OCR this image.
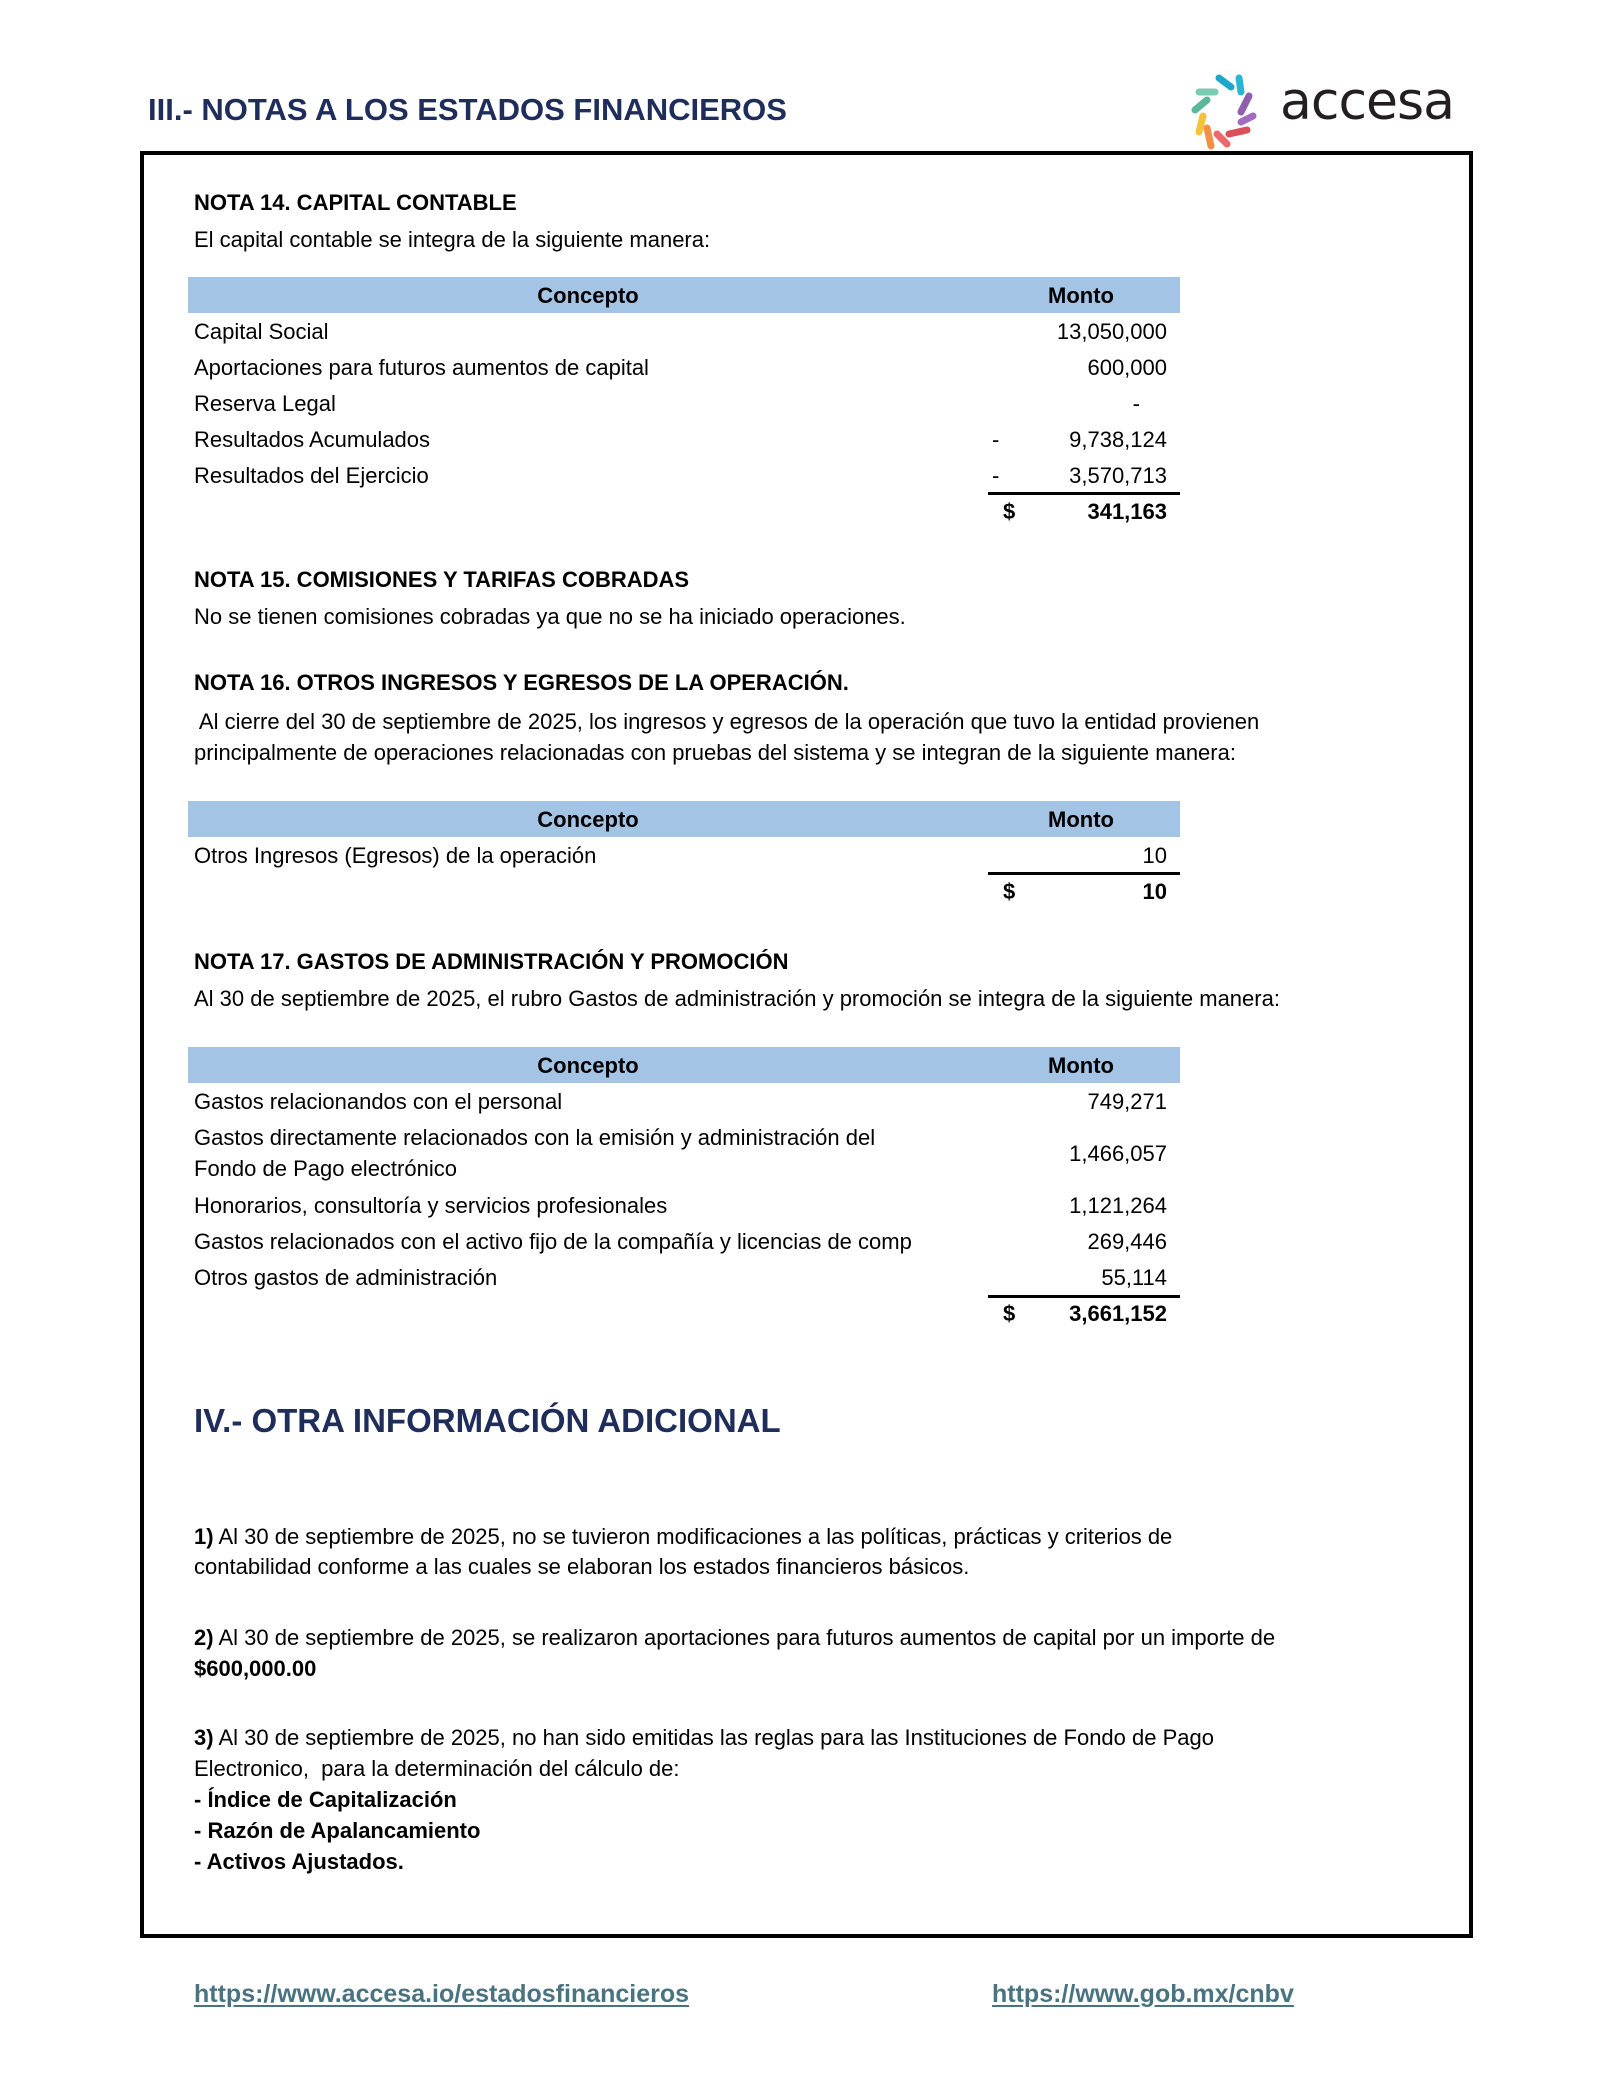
III.- NOTAS A LOS ESTADOS FINANCIEROS	accesa
NOTA 14. CAPITAL CONTABLE
El capital contable se integra de la siguiente manera:
Concepto	Monto
Capital Social	13,050,000
Aportaciones para futuros aumentos de capital	600,000
Reserva Legal	-
Resultados Acumulados	-	9,738,124
Resultados del Ejercicio	-	3,570,713
$	341,163
NOTA 15. COMISIONES Y TARIFAS COBRADAS
No se tienen comisiones cobradas ya que no se ha iniciado operaciones.
NOTA 16. OTROS INGRESOS Y EGRESOS DE LA OPERACIÓN.
Al cierre del 30 de septiembre de 2025, los ingresos y egresos de la operación que tuvo la entidad provienen
principalmente de operaciones relacionadas con pruebas del sistema y se integran de la siguiente manera:
Concepto	Monto
Otros Ingresos (Egresos) de la operación	10
$	10
NOTA 17. GASTOS DE ADMINISTRACIÓN Y PROMOCIÓN
Al 30 de septiembre de 2025, el rubro Gastos de administración y promoción se integra de la siguiente manera:
Concepto	Monto
Gastos relacionandos con el personal	749,271
Gastos directamente relacionados con la emisión y administración del
Fondo de Pago electrónico
1,466,057
Honorarios, consultoría y servicios profesionales	1,121,264
Gastos relacionados con el activo fijo de la compañía y licencias de comp	269,446
Otros gastos de administración	55,114
$ 3,661,152
IV.- OTRA INFORMACIÓN ADICIONAL
1) Al 30 de septiembre de 2025, no se tuvieron modificaciones a las políticas, prácticas y criterios de
contabilidad conforme a las cuales se elaboran los estados financieros básicos.
2) Al 30 de septiembre de 2025, se realizaron aportaciones para futuros aumentos de capital por un importe de
$600,000.00
3) Al 30 de septiembre de 2025, no han sido emitidas las reglas para las Instituciones de Fondo de Pago
Electronico,  para la determinación del cálculo de:
- Índice de Capitalización
- Razón de Apalancamiento
- Activos Ajustados.
https://www.accesa.io/estadosfinancieros	https://www.gob.mx/cnbv
